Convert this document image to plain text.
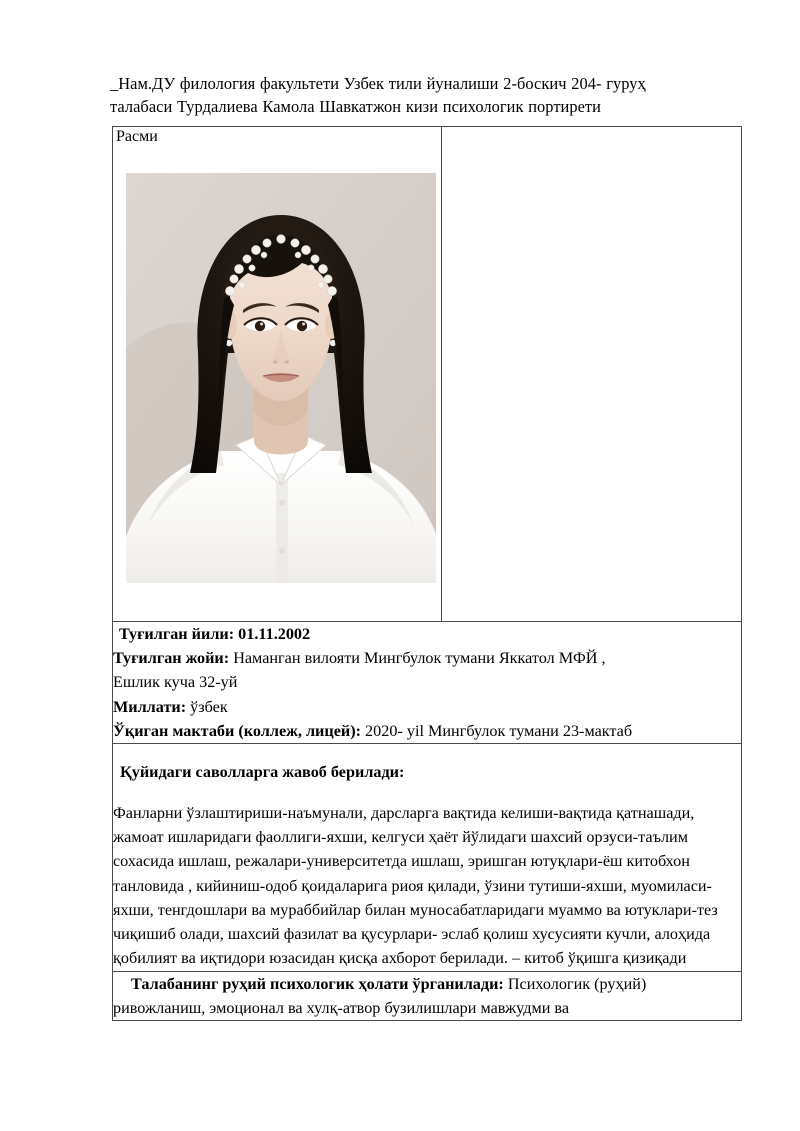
_Нам.ДУ филология факультети Узбек тили йуналиши 2-боскич 204- гуруҳ
талабаси Турдалиева Камола Шавкатжон кизи психологик портирети
Расми

Туғилган йили: 01.11.2002

Туғилган жойи: Наманган вилояти Мингбулок тумани Яккатол МФЙ ,

Ешлик куча 32-уй

Миллати: ўзбек

Ўқиган мактаби (коллеж, лицей): 2020- yil Мингбулок тумани 23-мактаб

Қуйидаги саволларга жавоб берилади:

Фанларни ўзлаштириши-наъмунали, дарсларга вақтида келиши-вақтида қатнашади, жамоат ишларидаги фаоллиги-яхши, келгуси ҳаёт йўлидаги шахсий орзуси-таълим сохасида ишлаш, режалари-университетда ишлаш, эришган ютуқлари-ёш китобхон танловида , кийиниш-одоб қоидаларига риоя қилади, ўзини тутиши-яхши, муомиласи-яхши, тенгдошлари ва мураббийлар билан муносабатларидаги муаммо ва ютуклари-тез чиқишиб олади, шахсий фазилат ва қусурлари- эслаб қолиш хусусияти кучли, алоҳида қобилият ва иқтидори юзасидан қисқа ахборот берилади. – китоб ўқишга қизиқади

Талабанинг руҳий психологик ҳолати ўрганилади: Психологик (руҳий) ривожланиш, эмоционал ва хулқ-атвор бузилишлари мавжудми ва
